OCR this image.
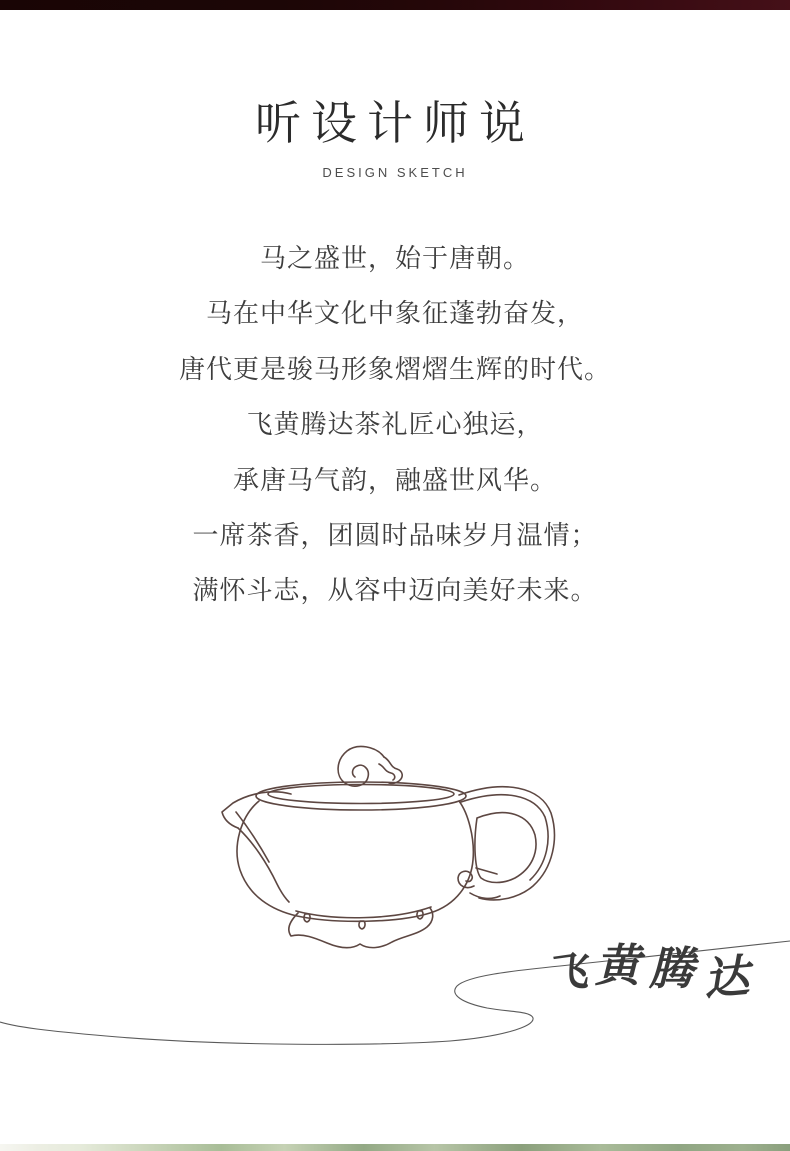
听设计师说
DESIGN SKETCH

马之盛世，始于唐朝。

马在中华文化中象征蓬勃奋发，

唐代更是骏马形象熠熠生辉的时代。

飞黄腾达茶礼匠心独运，

承唐马气韵，融盛世风华。

一席茶香，团圆时品味岁月温情；

满怀斗志，从容中迈向美好未来。

飞 黄 腾 达
